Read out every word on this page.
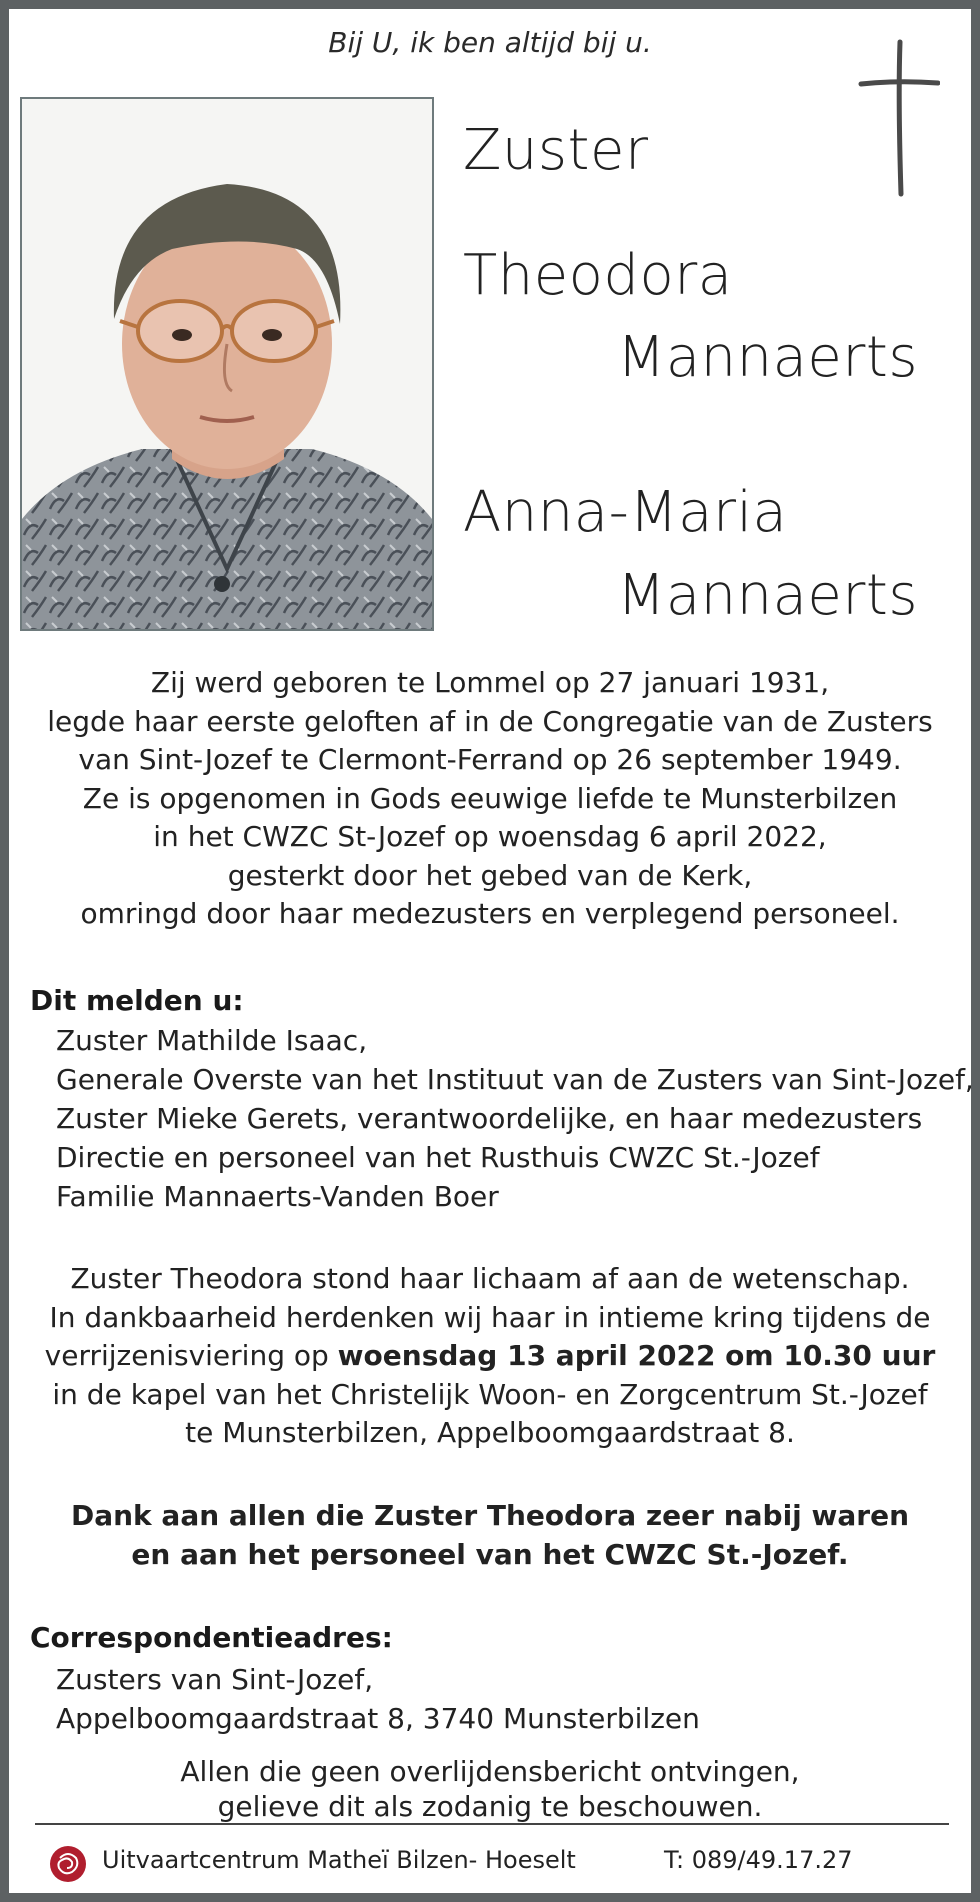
Bij U, ik ben altijd bij u.
Zuster
Theodora
Mannaerts
Anna-Maria
Mannaerts
Zij werd geboren te Lommel op 27 januari 1931,
legde haar eerste geloften af in de Congregatie van de Zusters
van Sint-Jozef te Clermont-Ferrand op 26 september 1949.
Ze is opgenomen in Gods eeuwige liefde te Munsterbilzen
in het CWZC St-Jozef op woensdag 6 april 2022,
gesterkt door het gebed van de Kerk,
omringd door haar medezusters en verplegend personeel.
Dit melden u:
Zuster Mathilde Isaac,
Generale Overste van het Instituut van de Zusters van Sint-Jozef,
Zuster Mieke Gerets, verantwoordelijke, en haar medezusters
Directie en personeel van het Rusthuis CWZC St.-Jozef
Familie Mannaerts-Vanden Boer
Zuster Theodora stond haar lichaam af aan de wetenschap.
In dankbaarheid herdenken wij haar in intieme kring tijdens de
verrijzenisviering op woensdag 13 april 2022 om 10.30 uur
in de kapel van het Christelijk Woon- en Zorgcentrum St.-Jozef
te Munsterbilzen, Appelboomgaardstraat 8.
Dank aan allen die Zuster Theodora zeer nabij waren
en aan het personeel van het CWZC St.-Jozef.
Correspondentieadres:
Zusters van Sint-Jozef,
Appelboomgaardstraat 8, 3740 Munsterbilzen
Allen die geen overlijdensbericht ontvingen,
gelieve dit als zodanig te beschouwen.
Uitvaartcentrum Matheï Bilzen- Hoeselt	T: 089/49.17.27
